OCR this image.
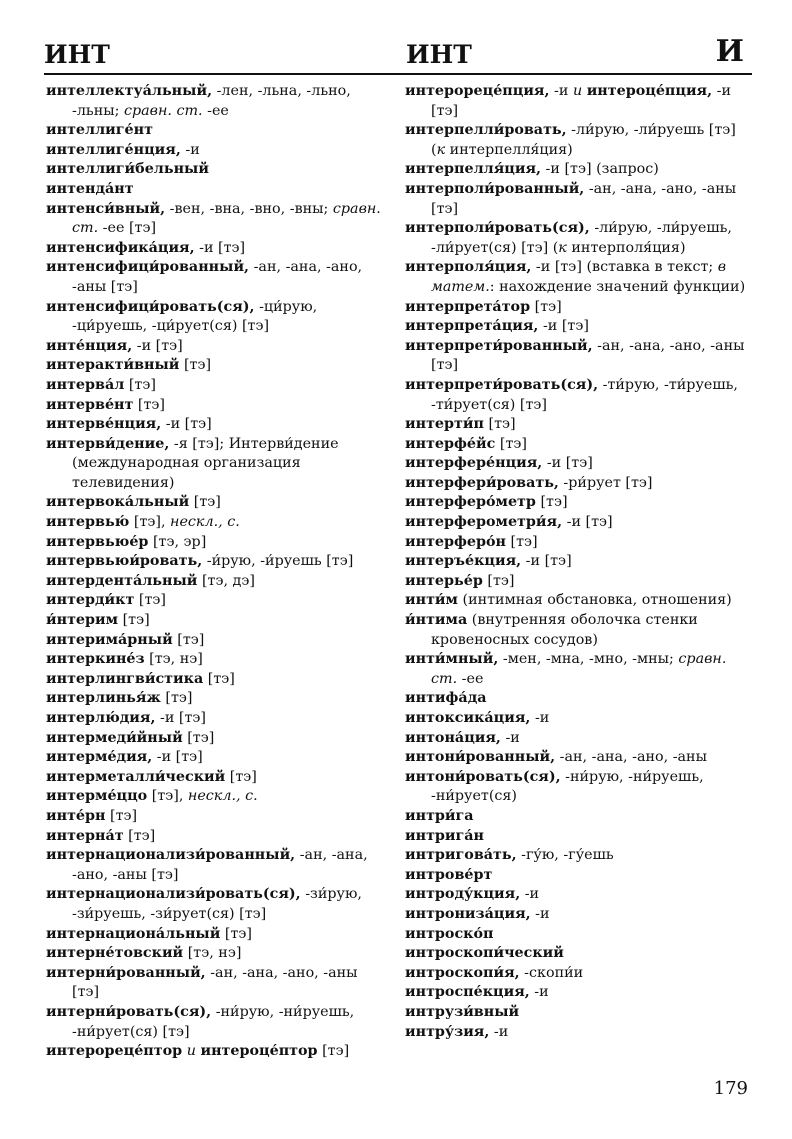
ИНТ	ИНТ	И

интеллектуа́льный, -лен, -льна, -льно, -льны; сравн. ст. -ее

интеллиге́нт

интеллиге́нция, -и

интеллиги́бельный

интенда́нт

интенси́вный, -вен, -вна, -вно, -вны; сравн. ст. -ее [тэ]

интенсифика́ция, -и [тэ]

интенсифици́рованный, -ан, -ана, -ано, -аны [тэ]

интенсифици́ровать(ся), -ци́рую, -ци́руешь, -ци́рует(ся) [тэ]

инте́нция, -и [тэ]

интеракти́вный [тэ]

интерва́л [тэ]

интерве́нт [тэ]

интерве́нция, -и [тэ]

интерви́дение, -я [тэ]; Интерви́дение (международная организация телевидения)

интервока́льный [тэ]

интервью́ [тэ], нескл., с.

интервьюе́р [тэ, эр]

интервьюи́ровать, -и́рую, -и́руешь [тэ]

интердента́льный [тэ, дэ]

интерди́кт [тэ]

и́нтерим [тэ]

интерима́рный [тэ]

интеркине́з [тэ, нэ]

интерлингви́стика [тэ]

интерлинья́ж [тэ]

интерлю́дия, -и [тэ]

интермеди́йный [тэ]

интерме́дия, -и [тэ]

интерметалли́ческий [тэ]

интерме́ццо [тэ], нескл., с.

инте́рн [тэ]

интерна́т [тэ]

интернационализи́рованный, -ан, -ана, -ано, -аны [тэ]

интернационализи́ровать(ся), -зи́рую, -зи́руешь, -зи́рует(ся) [тэ]

интернациона́льный [тэ]

интерне́товский [тэ, нэ]

интерни́рованный, -ан, -ана, -ано, -аны [тэ]

интерни́ровать(ся), -ни́рую, -ни́руешь, -ни́рует(ся) [тэ]

интерореце́птор и интероце́птор [тэ]

интерореце́пция, -и и интероце́пция, -и [тэ]

интерпелли́ровать, -ли́рую, -ли́руешь [тэ] (к интерпелля́ция)

интерпелля́ция, -и [тэ] (запрос)

интерполи́рованный, -ан, -ана, -ано, -аны [тэ]

интерполи́ровать(ся), -ли́рую, -ли́руешь, -ли́рует(ся) [тэ] (к интерполя́ция)

интерполя́ция, -и [тэ] (вставка в текст; в матем.: нахождение значений функции)

интерпрета́тор [тэ]

интерпрета́ция, -и [тэ]

интерпрети́рованный, -ан, -ана, -ано, -аны [тэ]

интерпрети́ровать(ся), -ти́рую, -ти́руешь, -ти́рует(ся) [тэ]

интерти́п [тэ]

интерфе́йс [тэ]

интерфере́нция, -и [тэ]

интерфери́ровать, -ри́рует [тэ]

интерферо́метр [тэ]

интерферометри́я, -и [тэ]

интерферо́н [тэ]

интеръе́кция, -и [тэ]

интерье́р [тэ]

инти́м (интимная обстановка, отношения)

и́нтима (внутренняя оболочка стенки кровеносных сосудов)

инти́мный, -мен, -мна, -мно, -мны; сравн. ст. -ее

интифа́да

интоксика́ция, -и

интона́ция, -и

интони́рованный, -ан, -ана, -ано, -аны

интони́ровать(ся), -ни́рую, -ни́руешь, -ни́рует(ся)

интри́га

интрига́н

интригова́ть, -гу́ю, -гу́ешь

интрове́рт

интроду́кция, -и

интрониза́ция, -и

интроско́п

интроскопи́ческий

интроскопи́я, -скопи́и

интроспе́кция, -и

интрузи́вный

интру́зия, -и

179
